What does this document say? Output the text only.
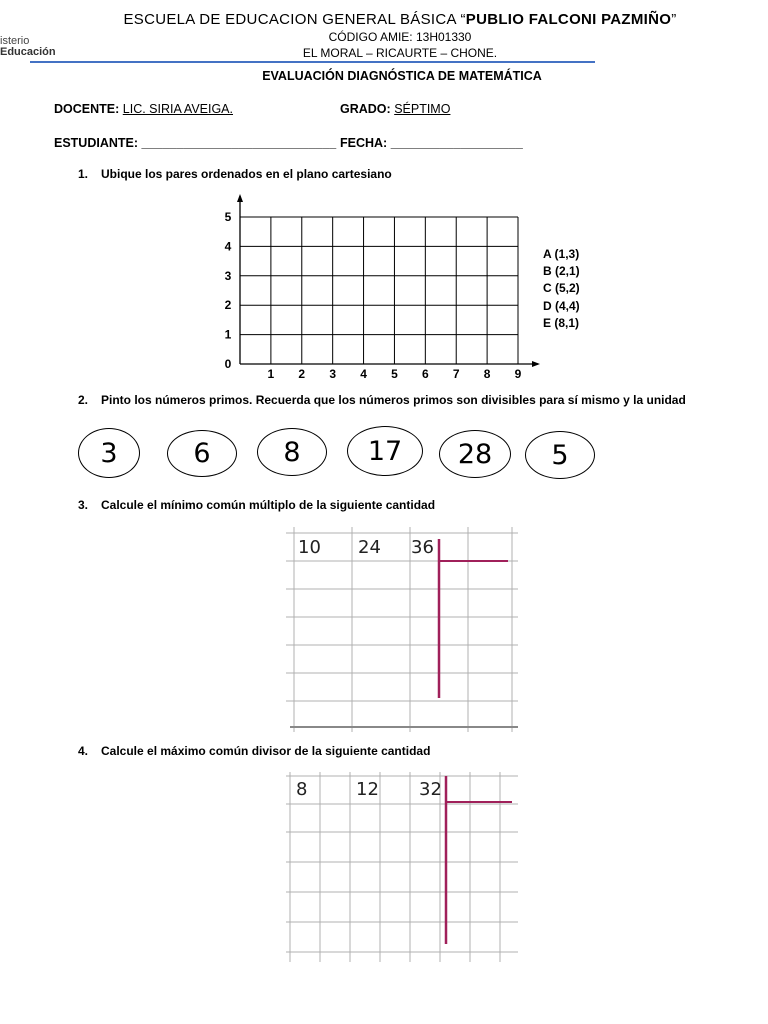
isterio
Educación
ESCUELA DE EDUCACION GENERAL BÁSICA “PUBLIO FALCONI PAZMIÑO”
CÓDIGO AMIE: 13H01330
EL MORAL – RICAURTE – CHONE.
EVALUACIÓN DIAGNÓSTICA DE MATEMÁTICA
DOCENTE: LIC. SIRIA AVEIGA.	GRADO: SÉPTIMO
ESTUDIANTE: ____________________________ FECHA: ___________________
1. Ubique los pares ordenados en el plano cartesiano
1 2 3 4 5 6 7 8 9
0
1
2
3
4
5
A (1,3)
B (2,1)
C (5,2)
D (4,4)
E (8,1)
2. Pinto los números primos. Recuerda que los números primos son divisibles para sí mismo y la unidad
3	6	8 17 28 5
3. Calcule el mínimo común múltiplo de la siguiente cantidad
10 24 36
4. Calcule el máximo común divisor de la siguiente cantidad
8	12 32
